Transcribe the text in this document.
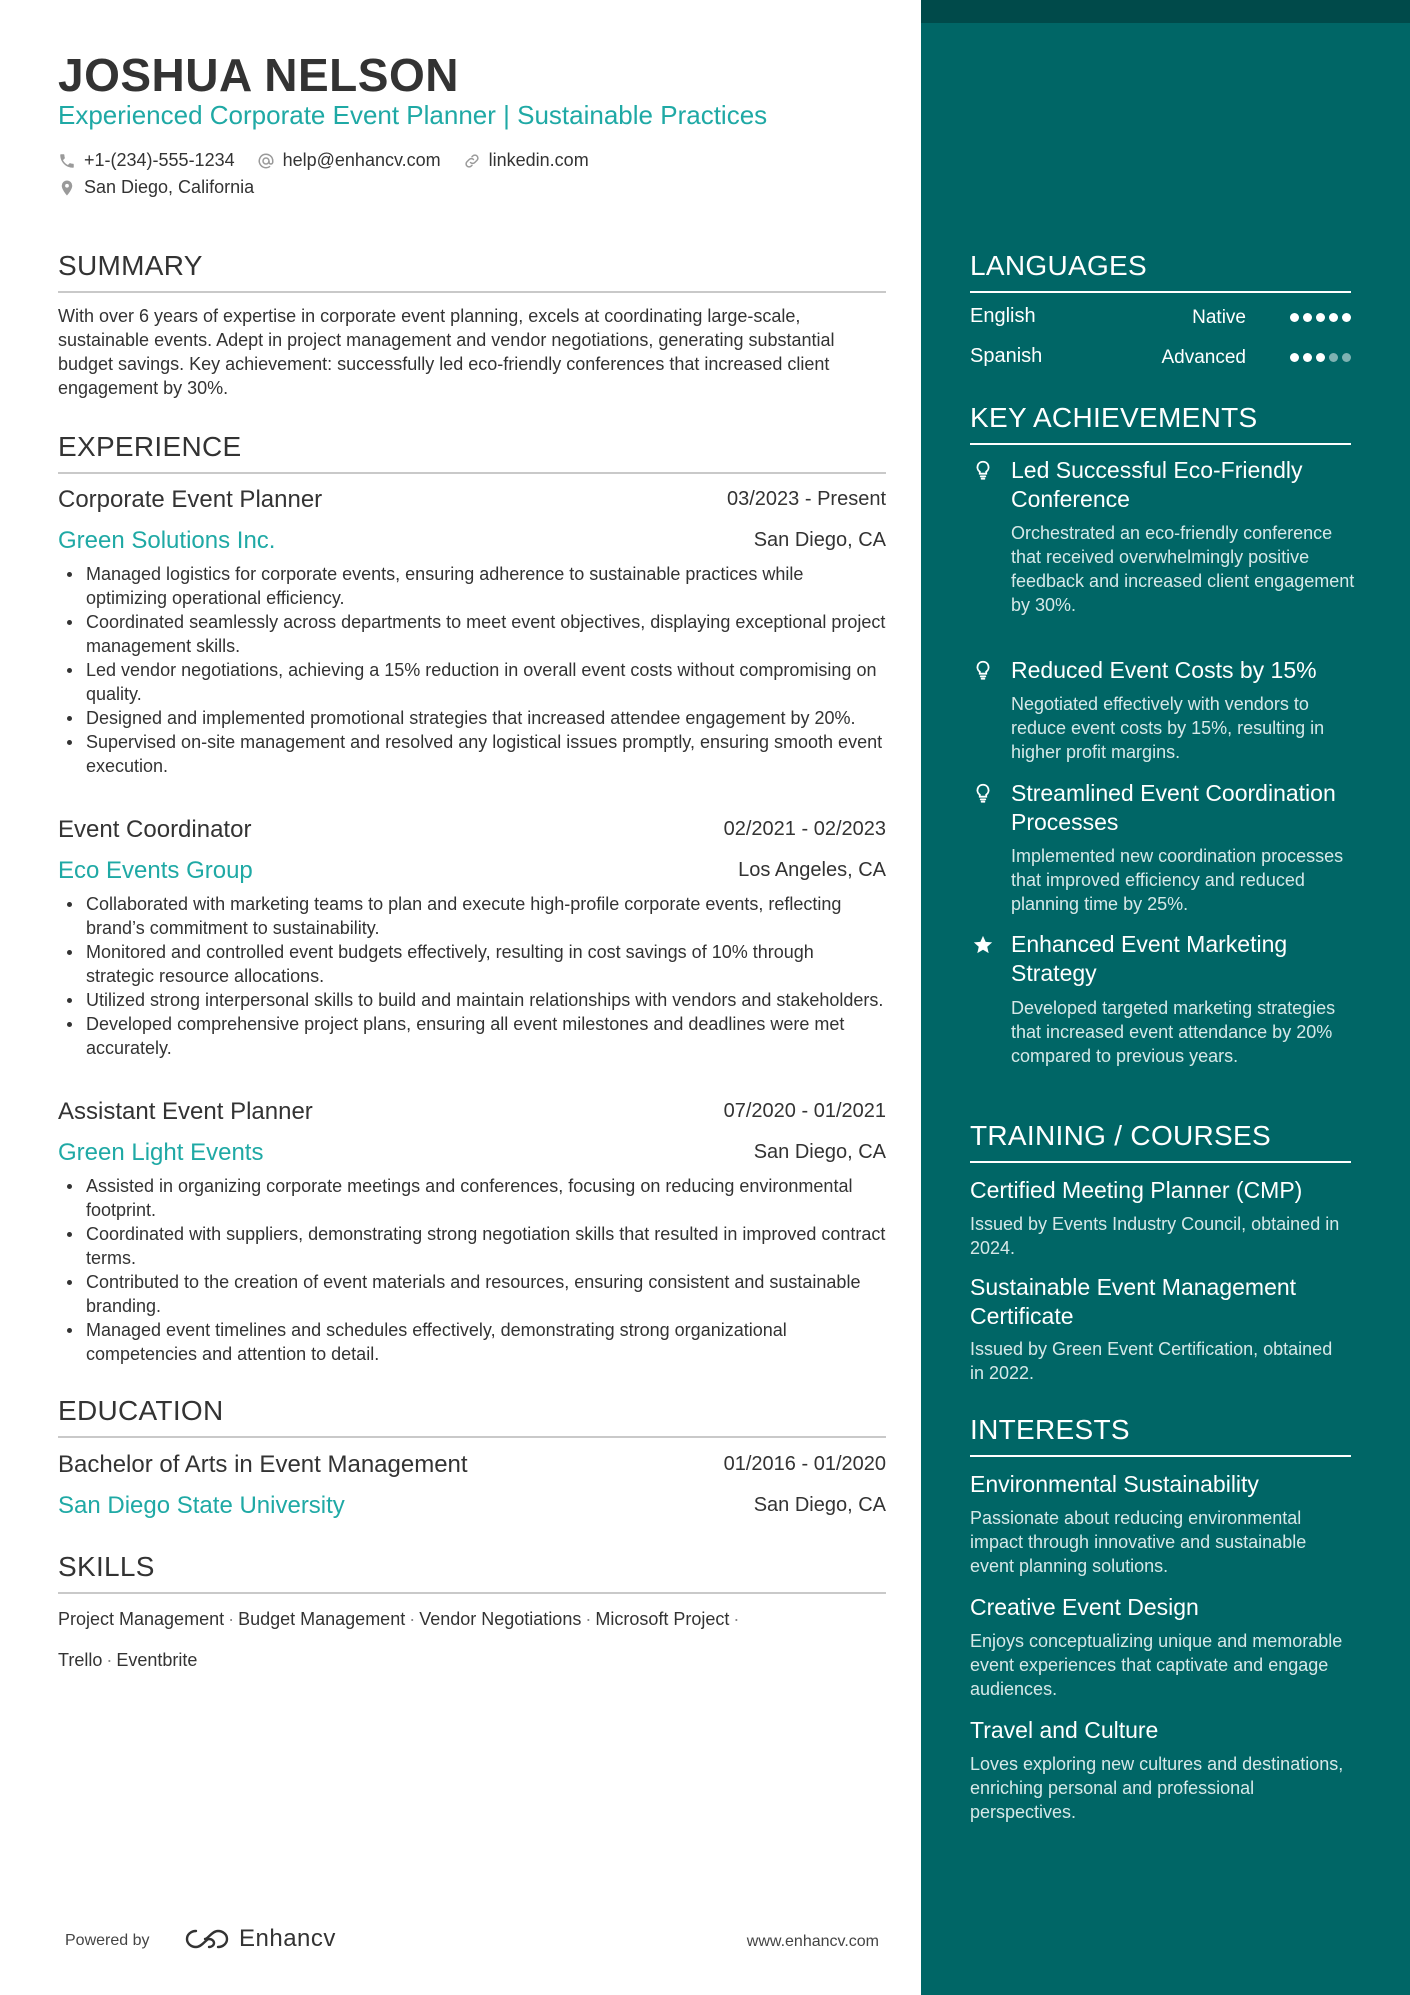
JOSHUA NELSON
Experienced Corporate Event Planner | Sustainable Practices
+1-(234)-555-1234	help@enhancv.com	linkedin.com
San Diego, California
SUMMARY
With over 6 years of expertise in corporate event planning, excels at coordinating large-scale, sustainable events. Adept in project management and vendor negotiations, generating substantial budget savings. Key achievement: successfully led eco-friendly conferences that increased client engagement by 30%.
EXPERIENCE
Corporate Event Planner	03/2023 - Present
Green Solutions Inc.	San Diego, CA
Managed logistics for corporate events, ensuring adherence to sustainable practices while optimizing operational efficiency.
Coordinated seamlessly across departments to meet event objectives, displaying exceptional project management skills.
Led vendor negotiations, achieving a 15% reduction in overall event costs without compromising on quality.
Designed and implemented promotional strategies that increased attendee engagement by 20%.
Supervised on-site management and resolved any logistical issues promptly, ensuring smooth event execution.
Event Coordinator	02/2021 - 02/2023
Eco Events Group	Los Angeles, CA
Collaborated with marketing teams to plan and execute high-profile corporate events, reflecting brand’s commitment to sustainability.
Monitored and controlled event budgets effectively, resulting in cost savings of 10% through strategic resource allocations.
Utilized strong interpersonal skills to build and maintain relationships with vendors and stakeholders.
Developed comprehensive project plans, ensuring all event milestones and deadlines were met accurately.
Assistant Event Planner	07/2020 - 01/2021
Green Light Events	San Diego, CA
Assisted in organizing corporate meetings and conferences, focusing on reducing environmental footprint.
Coordinated with suppliers, demonstrating strong negotiation skills that resulted in improved contract terms.
Contributed to the creation of event materials and resources, ensuring consistent and sustainable branding.
Managed event timelines and schedules effectively, demonstrating strong organizational competencies and attention to detail.
EDUCATION
Bachelor of Arts in Event Management	01/2016 - 01/2020
San Diego State University	San Diego, CA
SKILLS
Project Management · Budget Management · Vendor Negotiations · Microsoft Project ·
Trello · Eventbrite
Powered by	Enhancv	www.enhancv.com
LANGUAGES
English	Native
Spanish	Advanced
KEY ACHIEVEMENTS
Led Successful Eco-Friendly Conference
Orchestrated an eco-friendly conference that received overwhelmingly positive feedback and increased client engagement by 30%.
Reduced Event Costs by 15%
Negotiated effectively with vendors to reduce event costs by 15%, resulting in higher profit margins.
Streamlined Event Coordination Processes
Implemented new coordination processes that improved efficiency and reduced planning time by 25%.
Enhanced Event Marketing Strategy
Developed targeted marketing strategies that increased event attendance by 20% compared to previous years.
TRAINING / COURSES
Certified Meeting Planner (CMP)
Issued by Events Industry Council, obtained in 2024.
Sustainable Event Management Certificate
Issued by Green Event Certification, obtained in 2022.
INTERESTS
Environmental Sustainability
Passionate about reducing environmental impact through innovative and sustainable event planning solutions.
Creative Event Design
Enjoys conceptualizing unique and memorable event experiences that captivate and engage audiences.
Travel and Culture
Loves exploring new cultures and destinations, enriching personal and professional perspectives.
